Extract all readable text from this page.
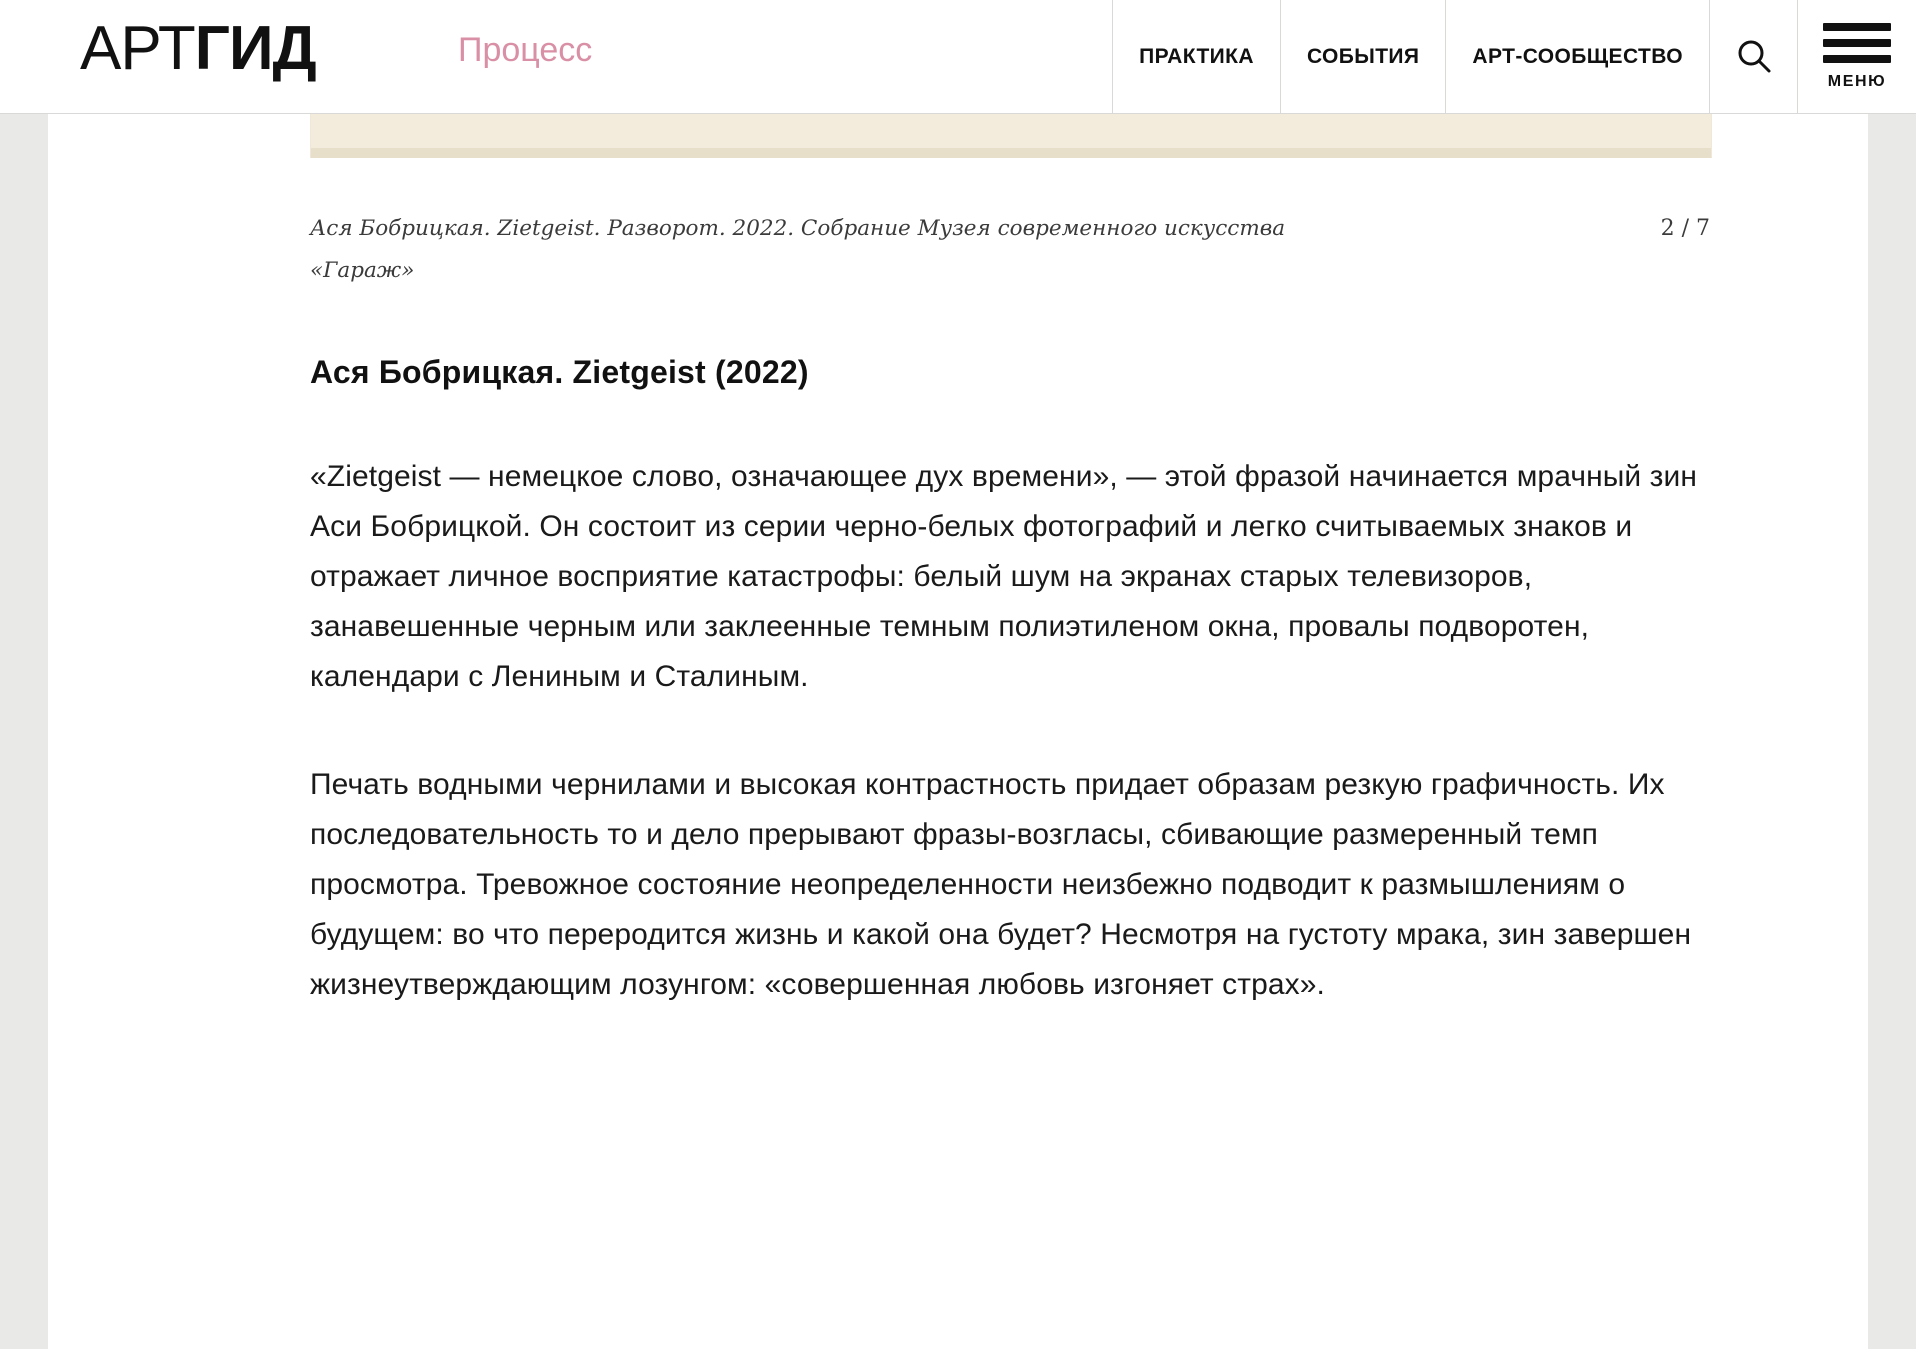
Ася Бобрицкая. Zietgeist. Разворот. 2022. Собрание Музея современного искусства «Гараж»
2 / 7
Ася Бобрицкая. Zietgeist (2022)

«Zietgeist — немецкое слово, означающее дух времени», — этой фразой начинается мрачный зин Аси Бобрицкой. Он состоит из серии черно-белых фотографий и легко считываемых знаков и отражает личное восприятие катастрофы: белый шум на экранах старых телевизоров, занавешенные черным или заклеенные темным полиэтиленом окна, провалы подворотен, календари с Лениным и Сталиным.

Печать водными чернилами и высокая контрастность придает образам резкую графичность. Их последовательность то и дело прерывают фразы-возгласы, сбивающие размеренный темп просмотра. Тревожное состояние неопределенности неизбежно подводит к размышлениям о будущем: во что переродится жизнь и какой она будет? Несмотря на густоту мрака, зин завершен жизнеутверждающим лозунгом: «совершенная любовь изгоняет страх».

АРТГИД	Процесс	ПРАКТИКА	СОБЫТИЯ	АРТ-СООБЩЕСТВО
МЕНЮ
